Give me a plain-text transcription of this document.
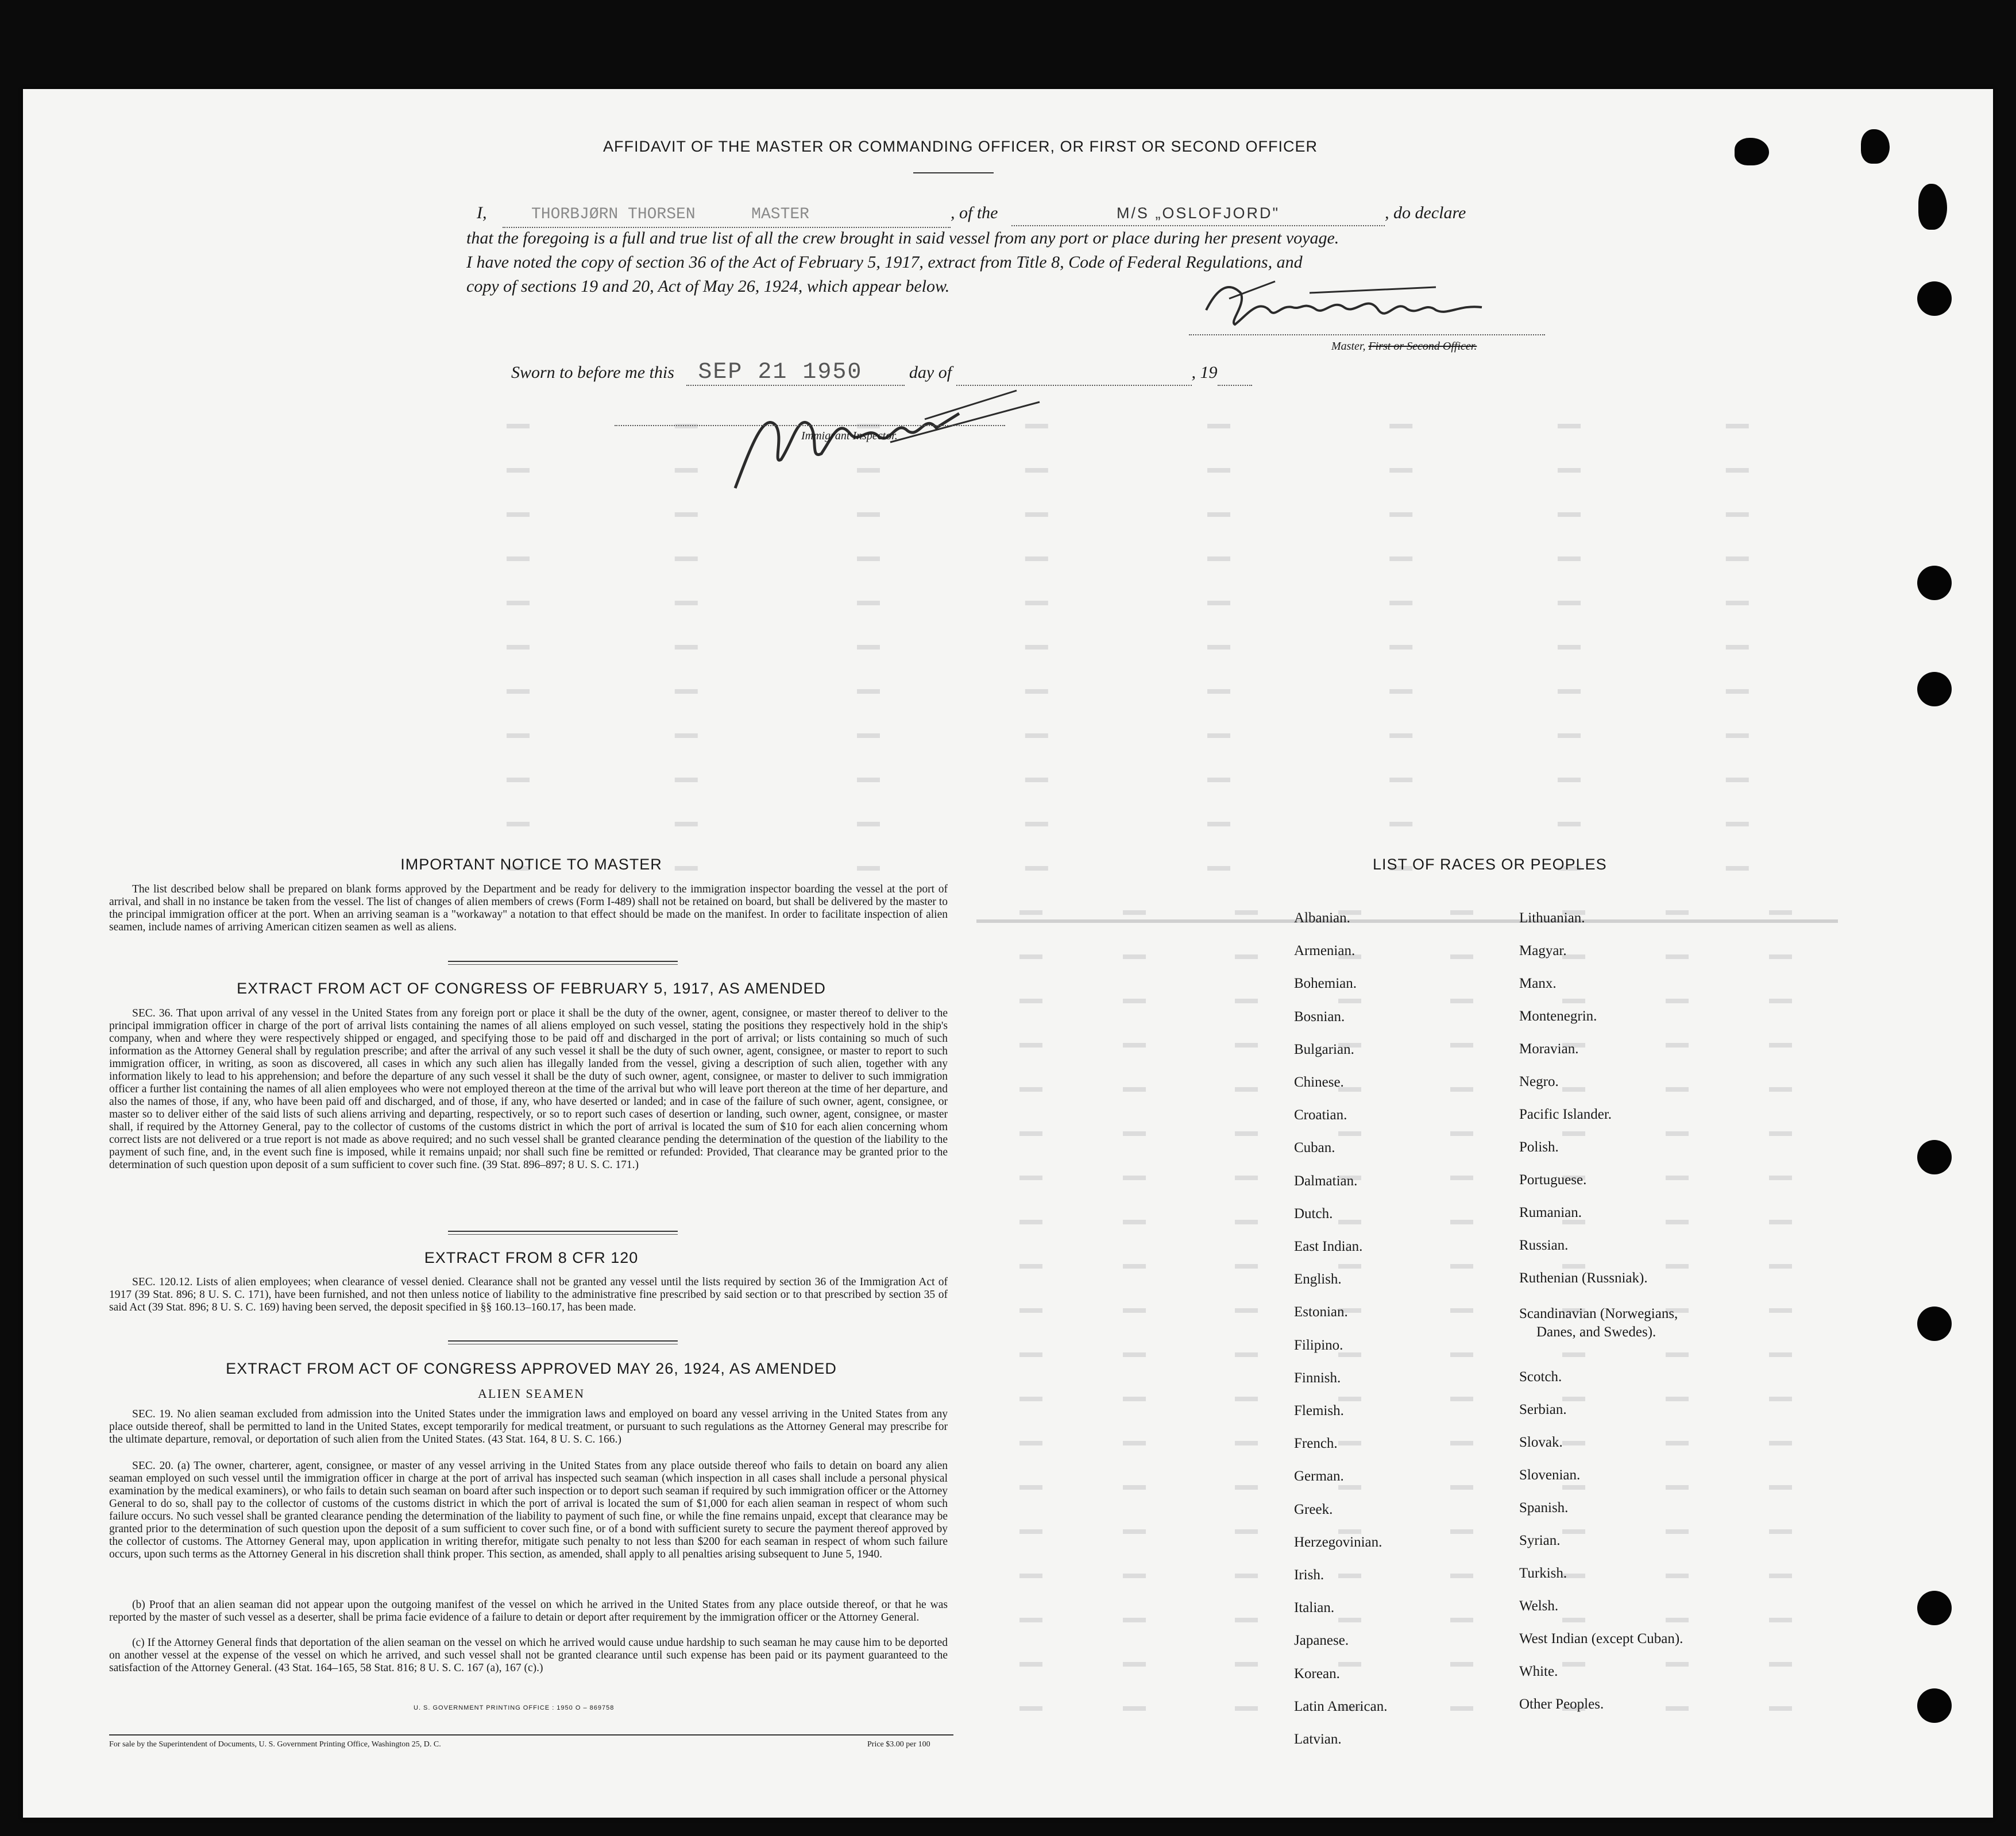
AFFIDAVIT OF THE MASTER OR COMMANDING OFFICER, OR FIRST OR SECOND OFFICER
I,	THORBJØRN THORSEN	MASTER	, of the	M/S „OSLOFJORD"	, do declare
that the foregoing is a full and true list of all the crew brought in said vessel from any port or place during her present voyage.
I have noted the copy of section 36 of the Act of February 5, 1917, extract from Title 8, Code of Federal Regulations, and
copy of sections 19 and 20, Act of May 26, 1924, which appear below.
Master, First or Second Officer.
Sworn to before me this SEP 21 1950	day of	, 19
Immigrant Inspector.
IMPORTANT NOTICE TO MASTER
The list described below shall be prepared on blank forms approved by the Department and be ready for delivery to the immigration inspector boarding the vessel at the port of arrival, and shall in no instance be taken from the vessel. The list of changes of alien members of crews (Form I-489) shall not be retained on board, but shall be delivered by the master to the principal immigration officer at the port. When an arriving seaman is a "workaway" a notation to that effect should be made on the manifest. In order to facilitate inspection of alien seamen, include names of arriving American citizen seamen as well as aliens.
EXTRACT FROM ACT OF CONGRESS OF FEBRUARY 5, 1917, AS AMENDED
SEC. 36. That upon arrival of any vessel in the United States from any foreign port or place it shall be the duty of the owner, agent, consignee, or master thereof to deliver to the principal immigration officer in charge of the port of arrival lists containing the names of all aliens employed on such vessel, stating the positions they respectively hold in the ship's company, when and where they were respectively shipped or engaged, and specifying those to be paid off and discharged in the port of arrival; or lists containing so much of such information as the Attorney General shall by regulation prescribe; and after the arrival of any such vessel it shall be the duty of such owner, agent, consignee, or master to report to such immigration officer, in writing, as soon as discovered, all cases in which any such alien has illegally landed from the vessel, giving a description of such alien, together with any information likely to lead to his apprehension; and before the departure of any such vessel it shall be the duty of such owner, agent, consignee, or master to deliver to such immigration officer a further list containing the names of all alien employees who were not employed thereon at the time of the arrival but who will leave port thereon at the time of her departure, and also the names of those, if any, who have been paid off and discharged, and of those, if any, who have deserted or landed; and in case of the failure of such owner, agent, consignee, or master so to deliver either of the said lists of such aliens arriving and departing, respectively, or so to report such cases of desertion or landing, such owner, agent, consignee, or master shall, if required by the Attorney General, pay to the collector of customs of the customs district in which the port of arrival is located the sum of $10 for each alien concerning whom correct lists are not delivered or a true report is not made as above required; and no such vessel shall be granted clearance pending the determination of the question of the liability to the payment of such fine, and, in the event such fine is imposed, while it remains unpaid; nor shall such fine be remitted or refunded: Provided, That clearance may be granted prior to the determination of such question upon deposit of a sum sufficient to cover such fine. (39 Stat. 896–897; 8 U. S. C. 171.)
EXTRACT FROM 8 CFR 120
SEC. 120.12. Lists of alien employees; when clearance of vessel denied. Clearance shall not be granted any vessel until the lists required by section 36 of the Immigration Act of 1917 (39 Stat. 896; 8 U. S. C. 171), have been furnished, and not then unless notice of liability to the administrative fine prescribed by said section or to that prescribed by section 35 of said Act (39 Stat. 896; 8 U. S. C. 169) having been served, the deposit specified in §§ 160.13–160.17, has been made.
EXTRACT FROM ACT OF CONGRESS APPROVED MAY 26, 1924, AS AMENDED
ALIEN SEAMEN
SEC. 19. No alien seaman excluded from admission into the United States under the immigration laws and employed on board any vessel arriving in the United States from any place outside thereof, shall be permitted to land in the United States, except temporarily for medical treatment, or pursuant to such regulations as the Attorney General may prescribe for the ultimate departure, removal, or deportation of such alien from the United States. (43 Stat. 164, 8 U. S. C. 166.)
SEC. 20. (a) The owner, charterer, agent, consignee, or master of any vessel arriving in the United States from any place outside thereof who fails to detain on board any alien seaman employed on such vessel until the immigration officer in charge at the port of arrival has inspected such seaman (which inspection in all cases shall include a personal physical examination by the medical examiners), or who fails to detain such seaman on board after such inspection or to deport such seaman if required by such immigration officer or the Attorney General to do so, shall pay to the collector of customs of the customs district in which the port of arrival is located the sum of $1,000 for each alien seaman in respect of whom such failure occurs. No such vessel shall be granted clearance pending the determination of the liability to payment of such fine, or while the fine remains unpaid, except that clearance may be granted prior to the determination of such question upon the deposit of a sum sufficient to cover such fine, or of a bond with sufficient surety to secure the payment thereof approved by the collector of customs. The Attorney General may, upon application in writing therefor, mitigate such penalty to not less than $200 for each seaman in respect of whom such failure occurs, upon such terms as the Attorney General in his discretion shall think proper. This section, as amended, shall apply to all penalties arising subsequent to June 5, 1940.
(b) Proof that an alien seaman did not appear upon the outgoing manifest of the vessel on which he arrived in the United States from any place outside thereof, or that he was reported by the master of such vessel as a deserter, shall be prima facie evidence of a failure to detain or deport after requirement by the immigration officer or the Attorney General.
(c) If the Attorney General finds that deportation of the alien seaman on the vessel on which he arrived would cause undue hardship to such seaman he may cause him to be deported on another vessel at the expense of the vessel on which he arrived, and such vessel shall not be granted clearance until such expense has been paid or its payment guaranteed to the satisfaction of the Attorney General. (43 Stat. 164–165, 58 Stat. 816; 8 U. S. C. 167 (a), 167 (c).)
U. S. GOVERNMENT PRINTING OFFICE : 1950 O – 869758
For sale by the Superintendent of Documents, U. S. Government Printing Office, Washington 25, D. C.	Price $3.00 per 100
LIST OF RACES OR PEOPLES
Albanian.
Armenian.
Bohemian.
Bosnian.
Bulgarian.
Chinese.
Croatian.
Cuban.
Dalmatian.
Dutch.
East Indian.
English.
Estonian.
Filipino.
Finnish.
Flemish.
French.
German.
Greek.
Herzegovinian.
Irish.
Italian.
Japanese.
Korean.
Latin American.
Latvian.
Lithuanian.
Magyar.
Manx.
Montenegrin.
Moravian.
Negro.
Pacific Islander.
Polish.
Portuguese.
Rumanian.
Russian.
Ruthenian (Russniak).
Scandinavian (Norwegians,
Danes, and Swedes).
Scotch.
Serbian.
Slovak.
Slovenian.
Spanish.
Syrian.
Turkish.
Welsh.
West Indian (except Cuban).
White.
Other Peoples.
